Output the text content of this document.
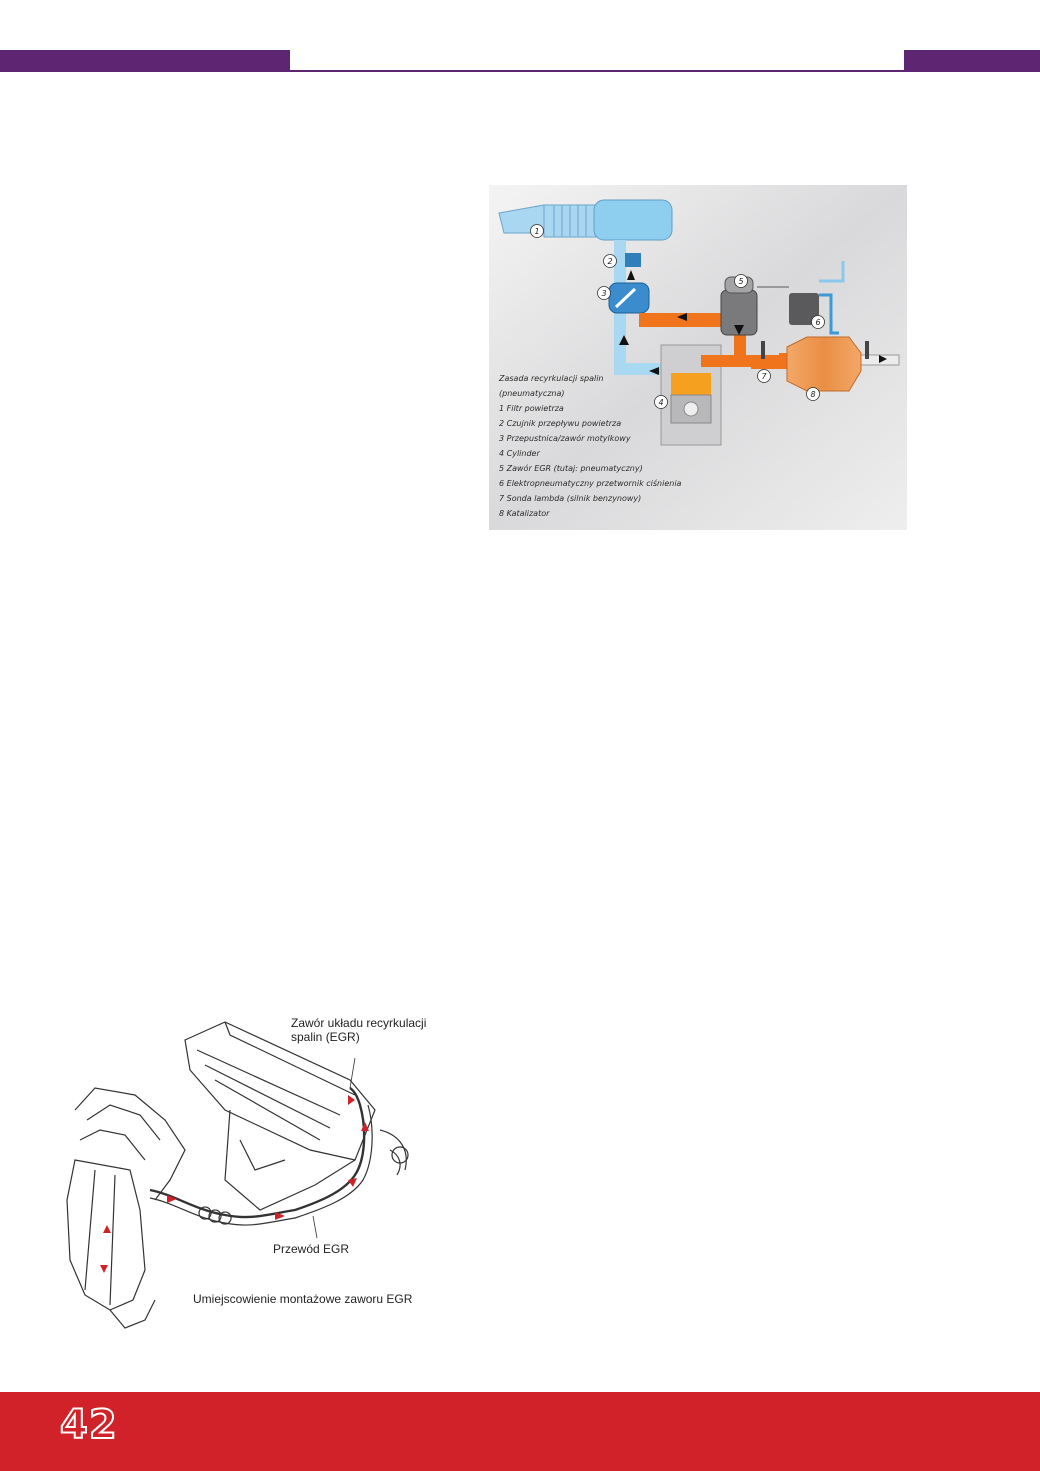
1
2
3
4
5
6
7
8
Zasada recyrkulacji spalin
(pneumatyczna)
1 Filtr powietrza
2 Czujnik przepływu powietrza
3 Przepustnica/zawór motylkowy
4 Cylinder
5 Zawór EGR (tutaj: pneumatyczny)
6 Elektropneumatyczny przetwornik ciśnienia
7 Sonda lambda (silnik benzynowy)
8 Katalizator
Zawór układu recyrkulacji spalin (EGR)
Przewód EGR
Umiejscowienie montażowe zaworu EGR
42
